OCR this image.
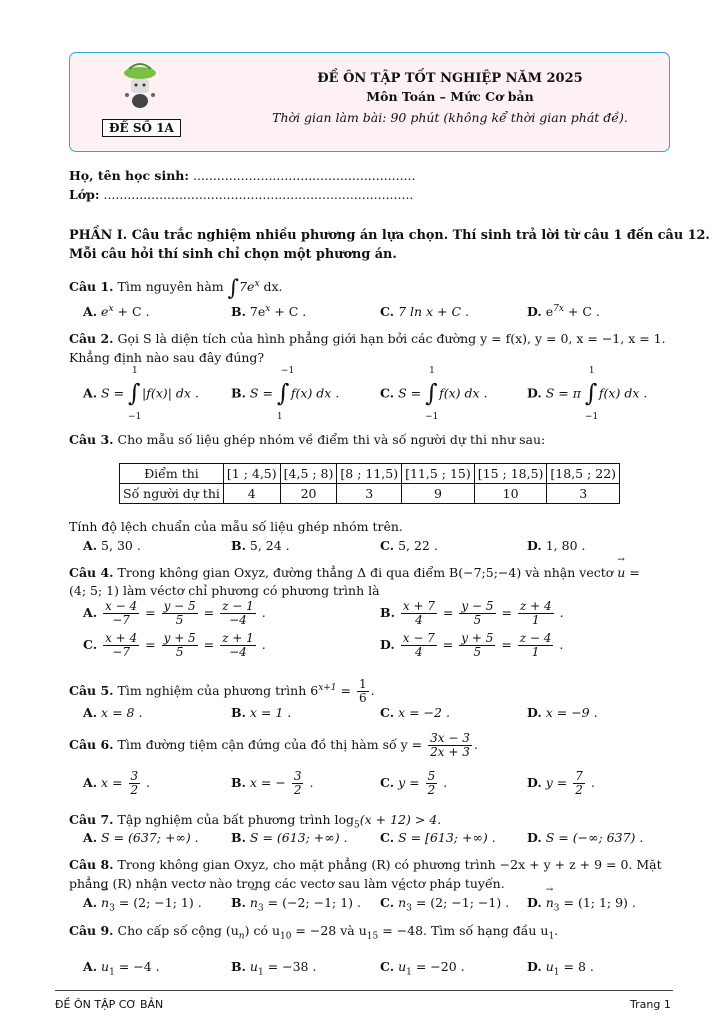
ĐỀ SỐ 1A
ĐỀ ÔN TẬP TỐT NGHIỆP NĂM 2025
Môn Toán – Mức Cơ bản
Thời gian làm bài: 90 phút (không kể thời gian phát đề).
Họ, tên học sinh: ........................................................
Lớp: ..............................................................................
PHẦN I. Câu trắc nghiệm nhiều phương án lựa chọn. Thí sinh trả lời từ câu 1 đến câu 12.
Mỗi câu hỏi thí sinh chỉ chọn một phương án.
Câu 1. Tìm nguyên hàm $\int 7e^x$ dx.
A. $e^x + C$ .	B. $7e^x + C$ .	C. 7 ln x + C .	D. $e^{7x} + C$ .
Câu 2. Gọi S là diện tích của hình phẳng giới hạn bởi các đường y = f(x), y = 0, x = −1, x = 1.
Khẳng định nào sau đây đúng?
A. S =
1
∫
−1
|f(x)| dx .	B. S =
−1
∫
1
f(x) dx .	C. S =
1
∫
−1
f(x) dx .	D. S = π
1
∫
−1
f(x) dx .
Câu 3. Cho mẫu số liệu ghép nhóm về điểm thi và số người dự thi như sau:
Điểm thi	[1 ; 4,5)	[4,5 ; 8)	[8 ; 11,5)	[11,5 ; 15)	[15 ; 18,5)	[18,5 ; 22)
Số người dự thi	4	20	3	9	10	3
Tính độ lệch chuẩn của mẫu số liệu ghép nhóm trên.
A. 5, 30 .	B. 5, 24 .	C. 5, 22 .	D. 1, 80 .
Câu 4. Trong không gian Oxyz, đường thẳng Δ đi qua điểm B(−7;5;−4) và nhận vectơ → u =
(4; 5; 1) làm véctơ chỉ phương có phương trình là
A. $\frac{x - 4}{-7} = \frac{y - 5}{5} = \frac{z - 1}{-4}$ .	B. $\frac{x + 7}{4} = \frac{y - 5}{5} = \frac{z + 4}{1}$ .
C. $\frac{x + 4}{-7} = \frac{y + 5}{5} = \frac{z + 1}{-4}$ .	D. $\frac{x - 7}{4} = \frac{y + 5}{5} = \frac{z - 4}{1}$ .
Câu 5. Tìm nghiệm của phương trình $6^{x+1} = \frac{1}{6}$ .
A. x = 8 .	B. x = 1 .	C. x = −2 .	D. x = −9 .
Câu 6. Tìm đường tiệm cận đứng của đồ thị hàm số $y = \frac{3x - 3}{2x + 3}$ .
A. $x = \frac{3}{2}$ .	B. x = − $\frac{3}{2}$ .	C. $y = \frac{5}{2}$ .	D. $y = \frac{7}{2}$ .
Câu 7. Tập nghiệm của bất phương trình $\log_5(x + 12) > 4$.
A. S = (637; +∞) .	B. S = (613; +∞) .	C. S = [613; +∞) .	D. S = (−∞; 637) .
Câu 8. Trong không gian Oxyz, cho mặt phẳng (R) có phương trình −2x + y + z + 9 = 0. Mặt
phẳng (R) nhận vectơ nào trong các vectơ sau làm véctơ pháp tuyến.
A. → $n_3 = (2$; −1; 1) . B. → $n_3 = (-2$; −1; 1) . C. → $n_3 = (2$; −1; −1) . D. → $n_3 = (1$; 1; 9) .
Câu 9. Cho cấp số cộng $(u_n)$ có $u_{10} = -28$ và $u_{15} = -48$. Tìm số hạng đầu $u_1$.
A. $u_1 = -4$ .	B. $u_1 = -38$ .	C. $u_1 = -20$ .	D. $u_1 = 8$ .
ĐỀ ÔN TẬP CƠ BẢN	Trang 1
